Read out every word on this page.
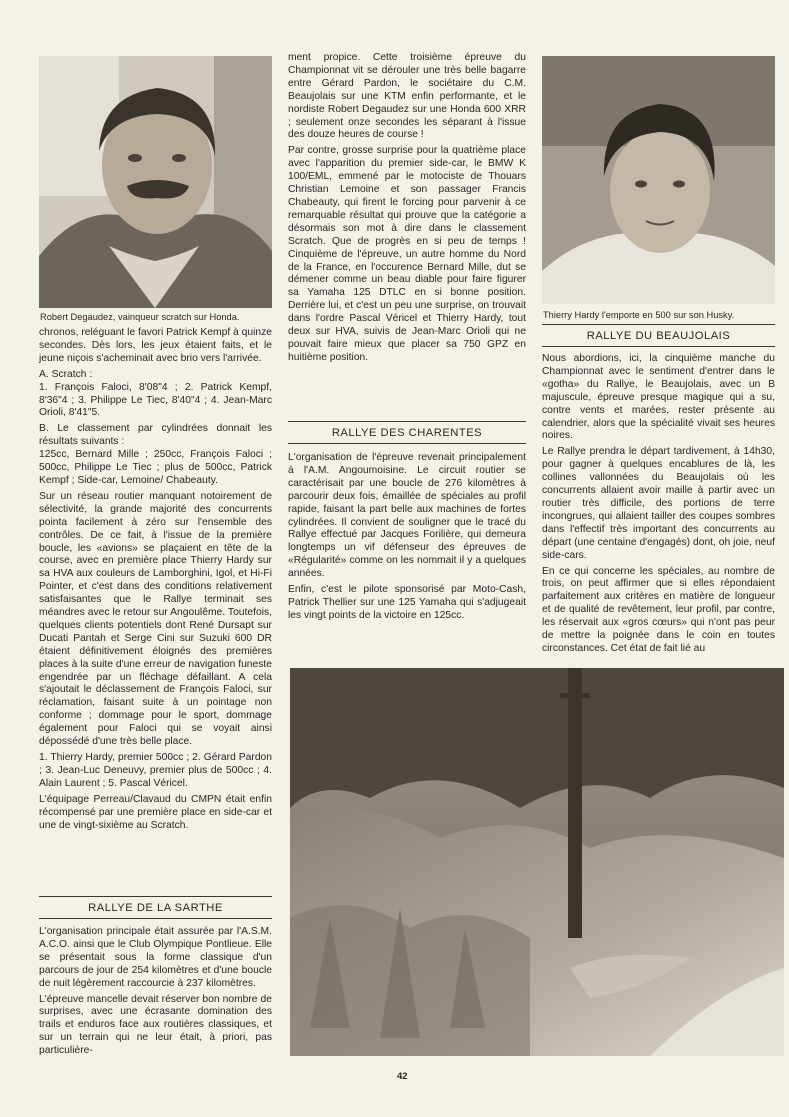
Robert Degaudez, vainqueur scratch sur Honda.	Thierry Hardy l'emporte en 500 sur son Husky.

chronos, reléguant le favori Patrick Kempf à quinze secondes. Dès lors, les jeux étaient faits, et le jeune niçois s'acheminait avec brio vers l'arrivée.

A. Scratch :

1. François Faloci, 8'08"4 ; 2. Patrick Kempf, 8'36"4 ; 3. Philippe Le Tiec, 8'40"4 ; 4. Jean-Marc Orioli, 8'41"5.

B. Le classement par cylindrées donnait les résultats suivants :

125cc, Bernard Mille ; 250cc, François Faloci ; 500cc, Philippe Le Tiec ; plus de 500cc, Patrick Kempf ; Side-car, Lemoine/ Chabeauty.

Sur un réseau routier manquant notoirement de sélectivité, la grande majorité des concurrents pointa facilement à zéro sur l'ensemble des contrôles. De ce fait, à l'issue de la première boucle, les «avions» se plaçaient en tête de la course, avec en première place Thierry Hardy sur sa HVA aux couleurs de Lamborghini, Igol, et Hi-Fi Pointer, et c'est dans des conditions relativement satisfaisantes que le Rallye terminait ses méandres avec le retour sur Angoulême. Toutefois, quelques clients potentiels dont René Dursapt sur Ducati Pantah et Serge Cini sur Suzuki 600 DR étaient définitivement éloignés des premières places à la suite d'une erreur de navigation funeste engendrée par un fléchage défaillant. A cela s'ajoutait le déclassement de François Faloci, sur réclamation, faisant suite à un pointage non conforme ; dommage pour le sport, dommage également pour Faloci qui se voyait ainsi dépossédé d'une très belle place.

1. Thierry Hardy, premier 500cc ; 2. Gérard Pardon ; 3. Jean-Luc Deneuvy, premier plus de 500cc ; 4. Alain Laurent ; 5. Pascal Véricel.

L'équipage Perreau/Clavaud du CMPN était enfin récompensé par une première place en side-car et une de vingt-sixième au Scratch.

RALLYE DE LA SARTHE

L'organisation principale était assurée par l'A.S.M. A.C.O. ainsi que le Club Olympique Pontlieue. Elle se présentait sous la forme classique d'un parcours de jour de 254 kilomètres et d'une boucle de nuit légèrement raccourcie à 237 kilomètres.

L'épreuve mancelle devait réserver bon nombre de surprises, avec une écrasante domination des trails et enduros face aux routières classiques, et sur un terrain qui ne leur était, à priori, pas particulière-

ment propice. Cette troisième épreuve du Championnat vit se dérouler une très belle bagarre entre Gérard Pardon, le sociétaire du C.M. Beaujolais sur une KTM enfin performante, et le nordiste Robert Degaudez sur une Honda 600 XRR ; seulement onze secondes les séparant à l'issue des douze heures de course !

Par contre, grosse surprise pour la quatrième place avec l'apparition du premier side-car, le BMW K 100/EML, emmené par le motociste de Thouars Christian Lemoine et son passager Francis Chabeauty, qui firent le forcing pour parvenir à ce remarquable résultat qui prouve que la catégorie a désormais son mot à dire dans le classement Scratch. Que de progrès en si peu de temps ! Cinquième de l'épreuve, un autre homme du Nord de la France, en l'occurence Bernard Mille, dut se démener comme un beau diable pour faire figurer sa Yamaha 125 DTLC en si bonne position. Derrière lui, et c'est un peu une surprise, on trouvait dans l'ordre Pascal Véricel et Thierry Hardy, tout deux sur HVA, suivis de Jean-Marc Orioli qui ne pouvait faire mieux que placer sa 750 GPZ en huitième position.

RALLYE DES CHARENTES

L'organisation de l'épreuve revenait principalement à l'A.M. Angoumoisine. Le circuit routier se caractérisait par une boucle de 276 kilomètres à parcourir deux fois, émaillée de spéciales au profil rapide, faisant la part belle aux machines de fortes cylindrées. Il convient de souligner que le tracé du Rallye effectué par Jacques Forilière, qui demeura longtemps un vif défenseur des épreuves de «Régularité» comme on les nommait il y a quelques années.

Enfin, c'est le pilote sponsorisé par Moto-Cash, Patrick Thellier sur une 125 Yamaha qui s'adjugeait les vingt points de la victoire en 125cc.

RALLYE DU BEAUJOLAIS

Nous abordions, ici, la cinquième manche du Championnat avec le sentiment d'entrer dans le «gotha» du Rallye, le Beaujolais, avec un B majuscule, épreuve presque magique qui a su, contre vents et marées, rester présente au calendrier, alors que la spécialité vivait ses heures noires.

Le Rallye prendra le départ tardivement, à 14h30, pour gagner à quelques encablures de là, les collines vallonnées du Beaujolais où les concurrents allaient avoir maille à partir avec un routier très difficile, des portions de terre incongrues, qui allaient tailler des coupes sombres dans l'effectif très important des concurrents au départ (une centaine d'engagés) dont, oh joie, neuf side-cars.

En ce qui concerne les spéciales, au nombre de trois, on peut affirmer que si elles répondaient parfaitement aux critères en matière de longueur et de qualité de revêtement, leur profil, par contre, les réservait aux «gros cœurs» qui n'ont pas peur de mettre la poignée dans le coin en toutes circonstances. Cet état de fait lié au

42
